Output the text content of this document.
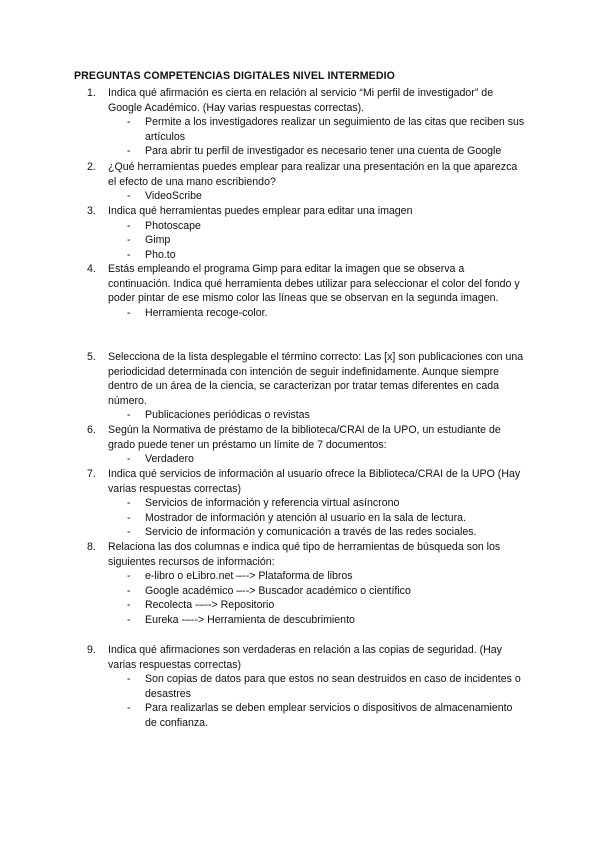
PREGUNTAS COMPETENCIAS DIGITALES NIVEL INTERMEDIO
1. Indica qué afirmación es cierta en relación al servicio “Mi perfil de investigador” de Google Académico. (Hay varias respuestas correctas).
- Permite a los investigadores realizar un seguimiento de las citas que reciben sus artículos
- Para abrir tu perfil de investigador es necesario tener una cuenta de Google
2. ¿Qué herramientas puedes emplear para realizar una presentación en la que aparezca el efecto de una mano escribiendo?
- VideoScribe
3. Indica qué herramientas puedes emplear para editar una imagen
- Photoscape
- Gimp
- Pho.to
4. Estás empleando el programa Gimp para editar la imagen que se observa a continuación. Indica qué herramienta debes utilizar para seleccionar el color del fondo y poder pintar de ese mismo color las líneas que se observan en la segunda imagen.
- Herramienta recoge-color.
5. Selecciona de la lista desplegable el término correcto: Las [x] son publicaciones con una periodicidad determinada con intención de seguir indefinidamente. Aunque siempre dentro de un área de la ciencia, se caracterizan por tratar temas diferentes en cada número.
- Publicaciones periódicas o revistas
6. Según la Normativa de préstamo de la biblioteca/CRAI de la UPO, un estudiante de grado puede tener un préstamo un límite de 7 documentos:
- Verdadero
7. Indica qué servicios de información al usuario ofrece la Biblioteca/CRAI de la UPO (Hay varias respuestas correctas)
- Servicios de información y referencia virtual asíncrono
- Mostrador de información y atención al usuario en la sala de lectura.
- Servicio de información y comunicación a través de las redes sociales.
8. Relaciona las dos columnas e indica qué tipo de herramientas de búsqueda son los siguientes recursos de información:
- e-libro o eLibro.net –--> Plataforma de libros
- Google académico –--> Buscador académico o científico
- Recolecta -–--> Repositorio
- Eureka -–--> Herramienta de descubrimiento
9. Indica qué afirmaciones son verdaderas en relación a las copias de seguridad. (Hay varias respuestas correctas)
- Son copias de datos para que estos no sean destruidos en caso de incidentes o desastres
- Para realizarlas se deben emplear servicios o dispositivos de almacenamiento de confianza.
